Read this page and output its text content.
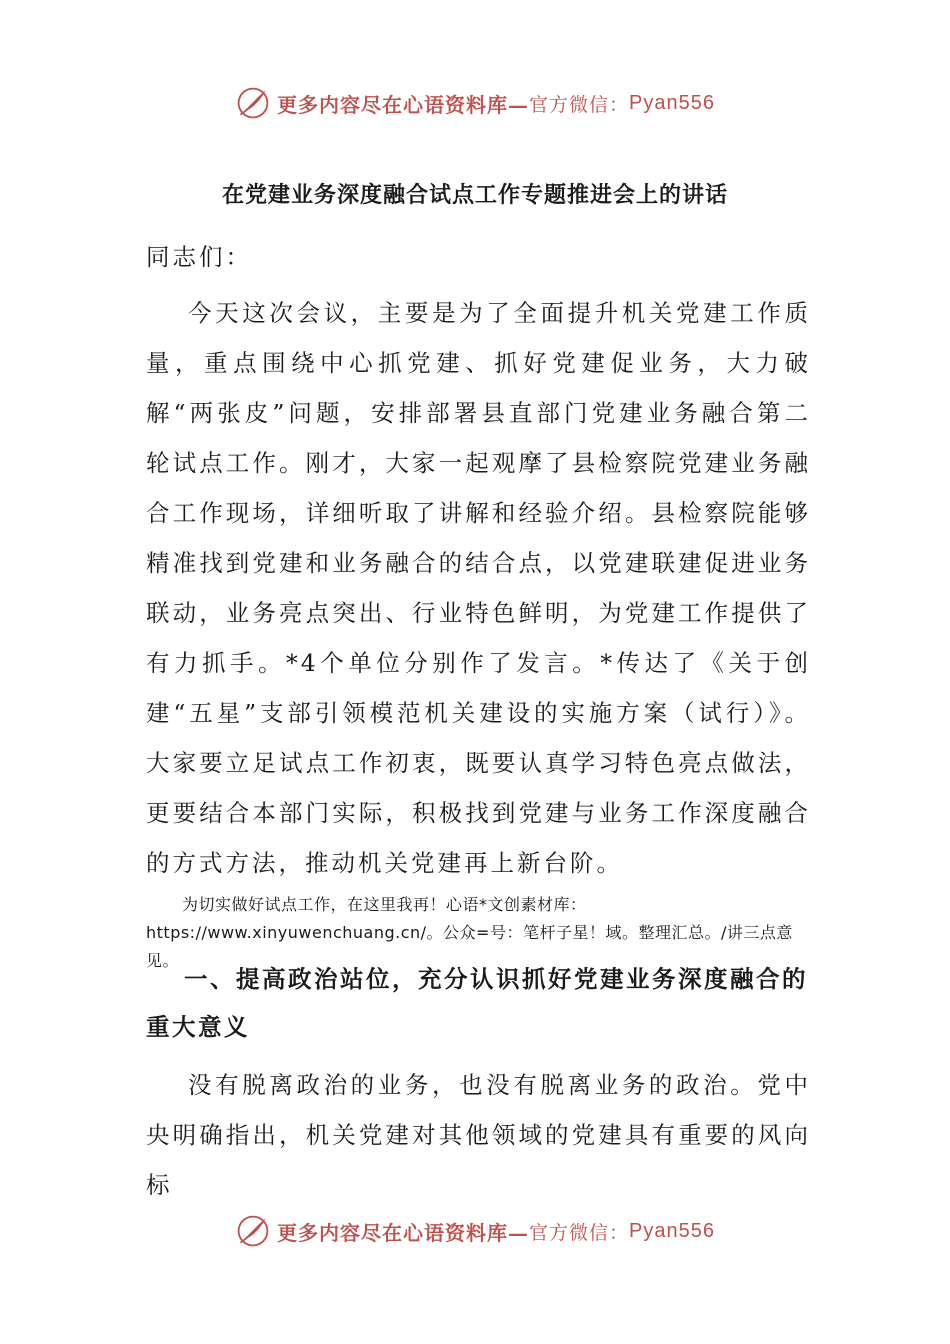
更多内容尽在心语资料库— 官方微信： Pyan556
在党建业务深度融合试点工作专题推进会上的讲话
同志们：
今天这次会议，主要是为了全面提升机关党建工作质量，重点围绕中心抓党建、抓好党建促业务，大力破解“两张皮”问题，安排部署县直部门党建业务融合第二轮试点工作。刚才，大家一起观摩了县检察院党建业务融合工作现场，详细听取了讲解和经验介绍。县检察院能够精准找到党建和业务融合的结合点，以党建联建促进业务联动，业务亮点突出、行业特色鲜明，为党建工作提供了有力抓手。*4个单位分别作了发言。*传达了《关于创建“五星”支部引领模范机关建设的实施方案（试行）》。大家要立足试点工作初衷，既要认真学习特色亮点做法，更要结合本部门实际，积极找到党建与业务工作深度融合的方式方法，推动机关党建再上新台阶。
为切实做好试点工作，在这里我再！心语*文创素材库：https://www.xinyuwenchuang.cn/。公众=号：笔杆子星！域。整理汇总。/讲三点意见。
一、提高政治站位，充分认识抓好党建业务深度融合的重大意义
没有脱离政治的业务，也没有脱离业务的政治。党中央明确指出，机关党建对其他领域的党建具有重要的风向标
更多内容尽在心语资料库— 官方微信： Pyan556
